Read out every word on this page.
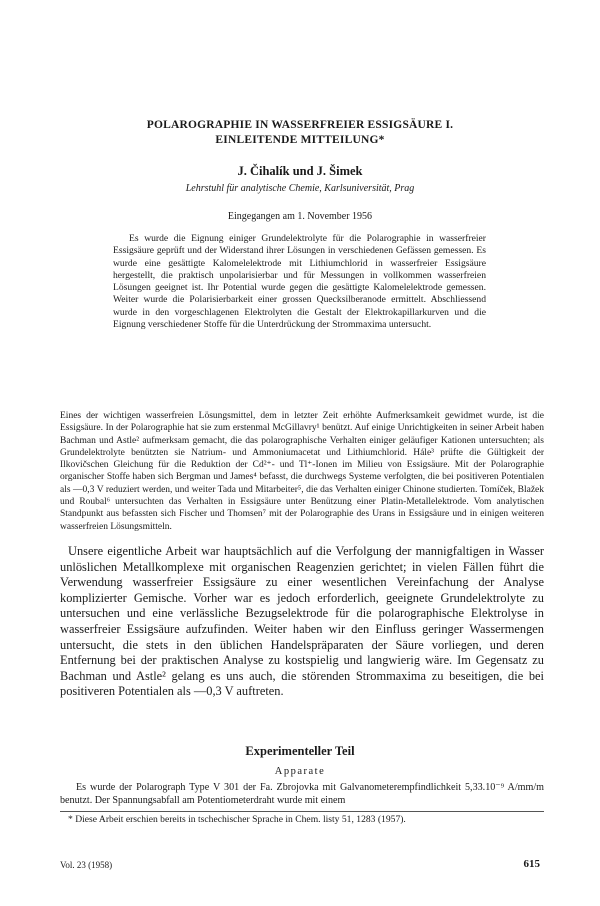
POLAROGRAPHIE IN WASSERFREIER ESSIGSÄURE I.
EINLEITENDE MITTEILUNG*

J. Čihalík und J. Šimek

Lehrstuhl für analytische Chemie, Karlsuniversität, Prag

Eingegangen am 1. November 1956

Es wurde die Eignung einiger Grundelektrolyte für die Polarographie in wasserfreier Essigsäure geprüft und der Widerstand ihrer Lösungen in verschiedenen Gefässen gemessen. Es wurde eine gesättigte Kalomelelektrode mit Lithiumchlorid in wasserfreier Essigsäure hergestellt, die praktisch unpolarisierbar und für Messungen in vollkommen wasserfreien Lösungen geeignet ist. Ihr Potential wurde gegen die gesättigte Kalomelelektrode gemessen. Weiter wurde die Polarisierbarkeit einer grossen Quecksilberanode ermittelt. Abschliessend wurde in den vorgeschlagenen Elektrolyten die Gestalt der Elektrokapillarkurven und die Eignung verschiedener Stoffe für die Unterdrückung der Strommaxima untersucht.

Eines der wichtigen wasserfreien Lösungsmittel, dem in letzter Zeit erhöhte Aufmerksamkeit gewidmet wurde, ist die Essigsäure. In der Polarographie hat sie zum erstenmal McGillavry¹ benützt. Auf einige Unrichtigkeiten in seiner Arbeit haben Bachman und Astle² aufmerksam gemacht, die das polarographische Verhalten einiger geläufiger Kationen untersuchten; als Grundelektrolyte benützten sie Natrium- und Ammoniumacetat und Lithiumchlorid. Hále³ prüfte die Gültigkeit der Ilkovičschen Gleichung für die Reduktion der Cd²⁺- und Tl⁺-Ionen im Milieu von Essigsäure. Mit der Polarographie organischer Stoffe haben sich Bergman und James⁴ befasst, die durchwegs Systeme verfolgten, die bei positiveren Potentialen als —0,3 V reduziert werden, und weiter Tada und Mitarbeiter⁵, die das Verhalten einiger Chinone studierten. Tomíček, Blažek und Roubal⁶ untersuchten das Verhalten in Essigsäure unter Benützung einer Platin-Metallelektrode. Vom analytischen Standpunkt aus befassten sich Fischer und Thomsen⁷ mit der Polarographie des Urans in Essigsäure und in einigen weiteren wasserfreien Lösungsmitteln.

Unsere eigentliche Arbeit war hauptsächlich auf die Verfolgung der mannigfaltigen in Wasser unlöslichen Metallkomplexe mit organischen Reagenzien gerichtet; in vielen Fällen führt die Verwendung wasserfreier Essigsäure zu einer wesentlichen Vereinfachung der Analyse komplizierter Gemische. Vorher war es jedoch erforderlich, geeignete Grundelektrolyte zu untersuchen und eine verlässliche Bezugselektrode für die polarographische Elektrolyse in wasserfreier Essigsäure aufzufinden. Weiter haben wir den Einfluss geringer Wassermengen untersucht, die stets in den üblichen Handelspräparaten der Säure vorliegen, und deren Entfernung bei der praktischen Analyse zu kostspielig und langwierig wäre. Im Gegensatz zu Bachman und Astle² gelang es uns auch, die störenden Strommaxima zu beseitigen, die bei positiveren Potentialen als —0,3 V auftreten.

Experimenteller Teil

Apparate

Es wurde der Polarograph Type V 301 der Fa. Zbrojovka mit Galvanometerempfindlichkeit 5,33.10⁻⁹ A/mm/m benutzt. Der Spannungsabfall am Potentiometerdraht wurde mit einem

* Diese Arbeit erschien bereits in tschechischer Sprache in Chem. listy 51, 1283 (1957).

Vol. 23 (1958)	615
